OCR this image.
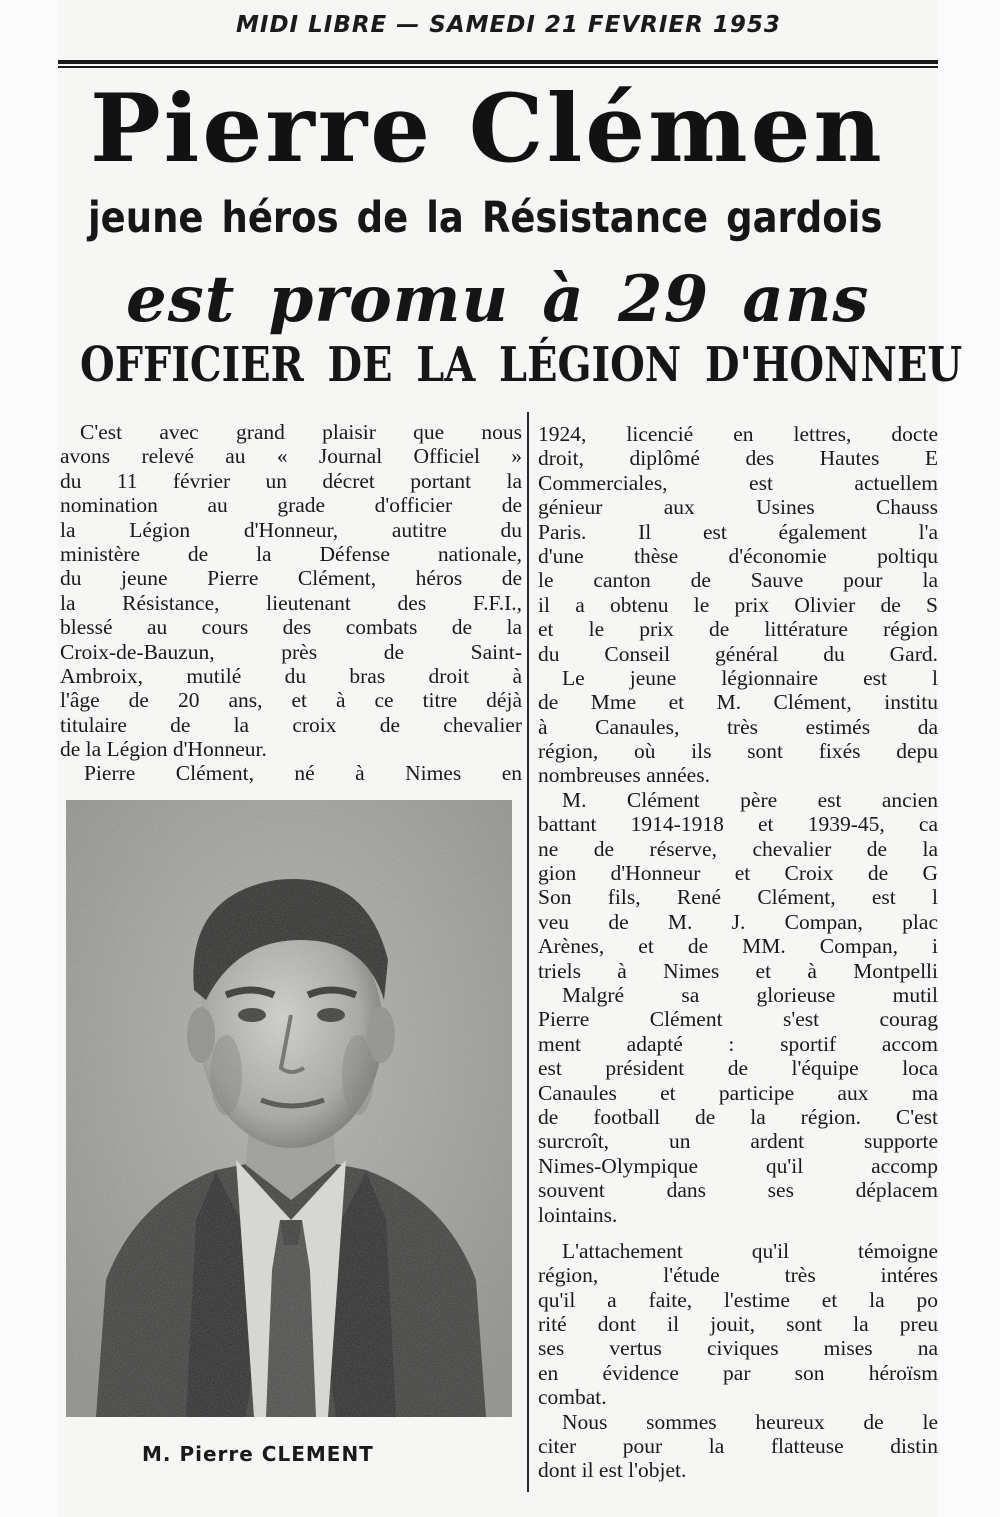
MIDI LIBRE — SAMEDI 21 FEVRIER 1953
Pierre Clémen
jeune héros de la Résistance gardois
est promu à 29 ans
OFFICIER DE LA LÉGION D'HONNEU
C'est avec grand plaisir que nous
avons relevé au « Journal Officiel »
du 11 février un décret portant la
nomination au grade d'officier de
la Légion d'Honneur, autitre du
ministère de la Défense nationale,
du jeune Pierre Clément, héros de
la Résistance, lieutenant des F.F.I.,
blessé au cours des combats de la
Croix-de-Bauzun, près de Saint-
Ambroix, mutilé du bras droit à
l'âge de 20 ans, et à ce titre déjà
titulaire de la croix de chevalier
de la Légion d'Honneur.
Pierre Clément, né à Nimes en
M. Pierre CLEMENT
1924, licencié en lettres, docte
droit, diplômé des Hautes E
Commerciales, est actuellem
génieur aux Usines Chauss
Paris. Il est également l'a
d'une thèse d'économie poltiqu
le canton de Sauve pour la
il a obtenu le prix Olivier de S
et le prix de littérature région
du Conseil général du Gard.
Le jeune légionnaire est l
de Mme et M. Clément, institu
à Canaules, très estimés da
région, où ils sont fixés depu
nombreuses années.
M. Clément père est ancien
battant 1914-1918 et 1939-45, ca
ne de réserve, chevalier de la
gion d'Honneur et Croix de G
Son fils, René Clément, est l
veu de M. J. Compan, plac
Arènes, et de MM. Compan, i
triels à Nimes et à Montpelli
Malgré sa glorieuse mutil
Pierre Clément s'est courag
ment adapté : sportif accom
est président de l'équipe loca
Canaules et participe aux ma
de football de la région. C'est
surcroît, un ardent supporte
Nimes-Olympique qu'il accomp
souvent dans ses déplacem
lointains.
L'attachement qu'il témoigne
région, l'étude très intéres
qu'il a faite, l'estime et la po
rité dont il jouit, sont la preu
ses vertus civiques mises na
en évidence par son héroïsm
combat.
Nous sommes heureux de le
citer pour la flatteuse distin
dont il est l'objet.
